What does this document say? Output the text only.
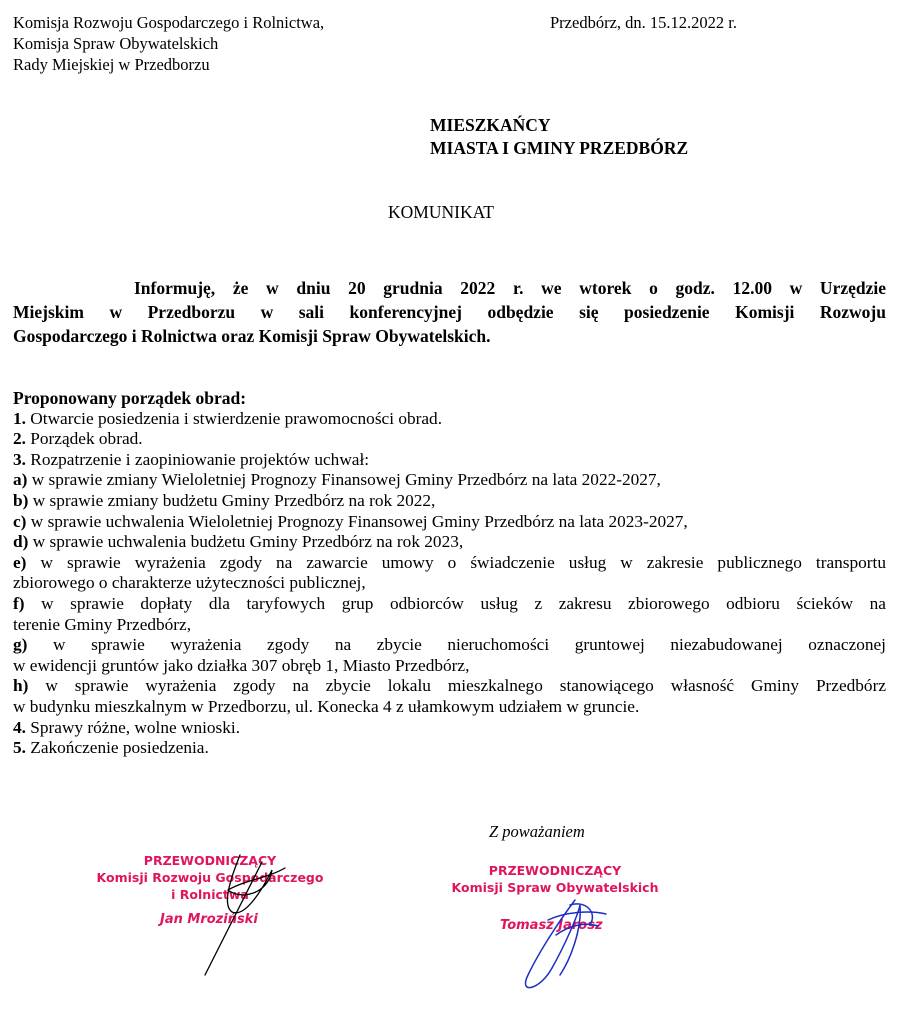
Komisja Rozwoju Gospodarczego i Rolnictwa,
Komisja Spraw Obywatelskich
Rady Miejskiej w Przedborzu
Przedbórz, dn. 15.12.2022 r.
MIESZKAŃCY
MIASTA I GMINY PRZEDBÓRZ
KOMUNIKAT
Informuję, że w dniu 20 grudnia 2022 r. we wtorek o godz. 12.00 w Urzędzie
Miejskim w Przedborzu w sali konferencyjnej odbędzie się posiedzenie Komisji Rozwoju
Gospodarczego i Rolnictwa oraz Komisji Spraw Obywatelskich.
Proponowany porządek obrad:
1. Otwarcie posiedzenia i stwierdzenie prawomocności obrad.
2. Porządek obrad.
3. Rozpatrzenie i zaopiniowanie projektów uchwał:
a) w sprawie zmiany Wieloletniej Prognozy Finansowej Gminy Przedbórz na lata 2022-2027,
b) w sprawie zmiany budżetu Gminy Przedbórz na rok 2022,
c) w sprawie uchwalenia Wieloletniej Prognozy Finansowej Gminy Przedbórz na lata 2023-2027,
d) w sprawie uchwalenia budżetu Gminy Przedbórz na rok 2023,
e) w sprawie wyrażenia zgody na zawarcie umowy o świadczenie usług w zakresie publicznego transportu
zbiorowego o charakterze użyteczności publicznej,
f) w sprawie dopłaty dla taryfowych grup odbiorców usług z zakresu zbiorowego odbioru ścieków na
terenie Gminy Przedbórz,
g) w sprawie wyrażenia zgody na zbycie nieruchomości gruntowej niezabudowanej oznaczonej
w ewidencji gruntów jako działka 307 obręb 1, Miasto Przedbórz,
h) w sprawie wyrażenia zgody na zbycie lokalu mieszkalnego stanowiącego własność Gminy Przedbórz
w budynku mieszkalnym w Przedborzu, ul. Konecka 4 z ułamkowym udziałem w gruncie.
4. Sprawy różne, wolne wnioski.
5. Zakończenie posiedzenia.
Z poważaniem
PRZEWODNICZĄCY
Komisji Rozwoju Gospodarczego
i Rolnictwa
Jan Mroziński
PRZEWODNICZĄCY
Komisji Spraw Obywatelskich
Tomasz Jarosz
